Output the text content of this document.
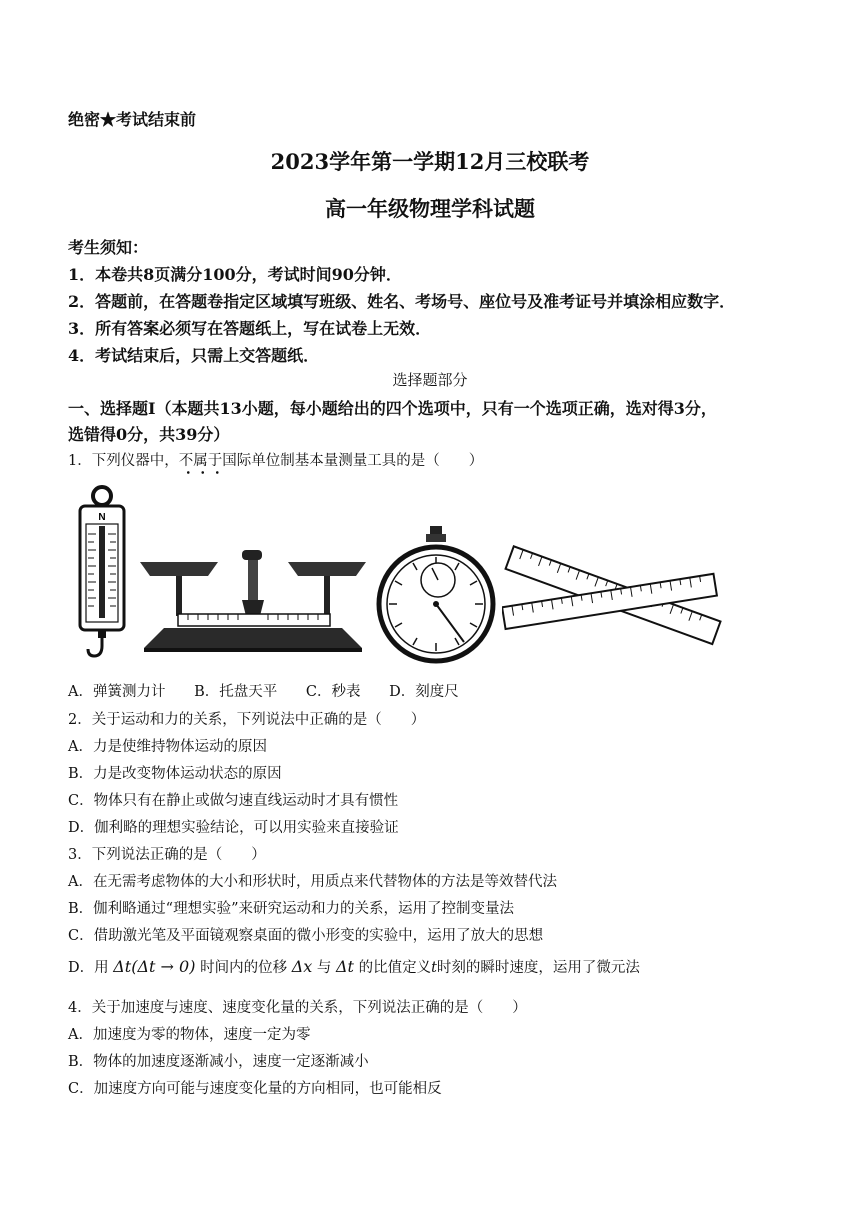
绝密★考试结束前
2023学年第一学期12月三校联考
高一年级物理学科试题
考生须知：
1．本卷共8页满分100分，考试时间90分钟．
2．答题前，在答题卷指定区域填写班级、姓名、考场号、座位号及准考证号并填涂相应数字．
3．所有答案必须写在答题纸上，写在试卷上无效．
4．考试结束后，只需上交答题纸．
选择题部分
一、选择题Ⅰ（本题共13小题，每小题给出的四个选项中，只有一个选项正确，选对得3分，
选错得0分，共39分）
1．下列仪器中，不属于国际单位制基本量测量工具的是（　　）
N
A．弹簧测力计 B．托盘天平 C．秒表 D．刻度尺
2．关于运动和力的关系，下列说法中正确的是（　　）
A．力是使维持物体运动的原因
B．力是改变物体运动状态的原因
C．物体只有在静止或做匀速直线运动时才具有惯性
D．伽利略的理想实验结论，可以用实验来直接验证
3．下列说法正确的是（　　）
A．在无需考虑物体的大小和形状时，用质点来代替物体的方法是等效替代法
B．伽利略通过“理想实验”来研究运动和力的关系，运用了控制变量法
C．借助激光笔及平面镜观察桌面的微小形变的实验中，运用了放大的思想
D．用 Δt(Δt → 0) 时间内的位移 Δx 与 Δt 的比值定义t时刻的瞬时速度，运用了微元法
4．关于加速度与速度、速度变化量的关系，下列说法正确的是（　　）
A．加速度为零的物体，速度一定为零
B．物体的加速度逐渐减小，速度一定逐渐减小
C．加速度方向可能与速度变化量的方向相同，也可能相反
